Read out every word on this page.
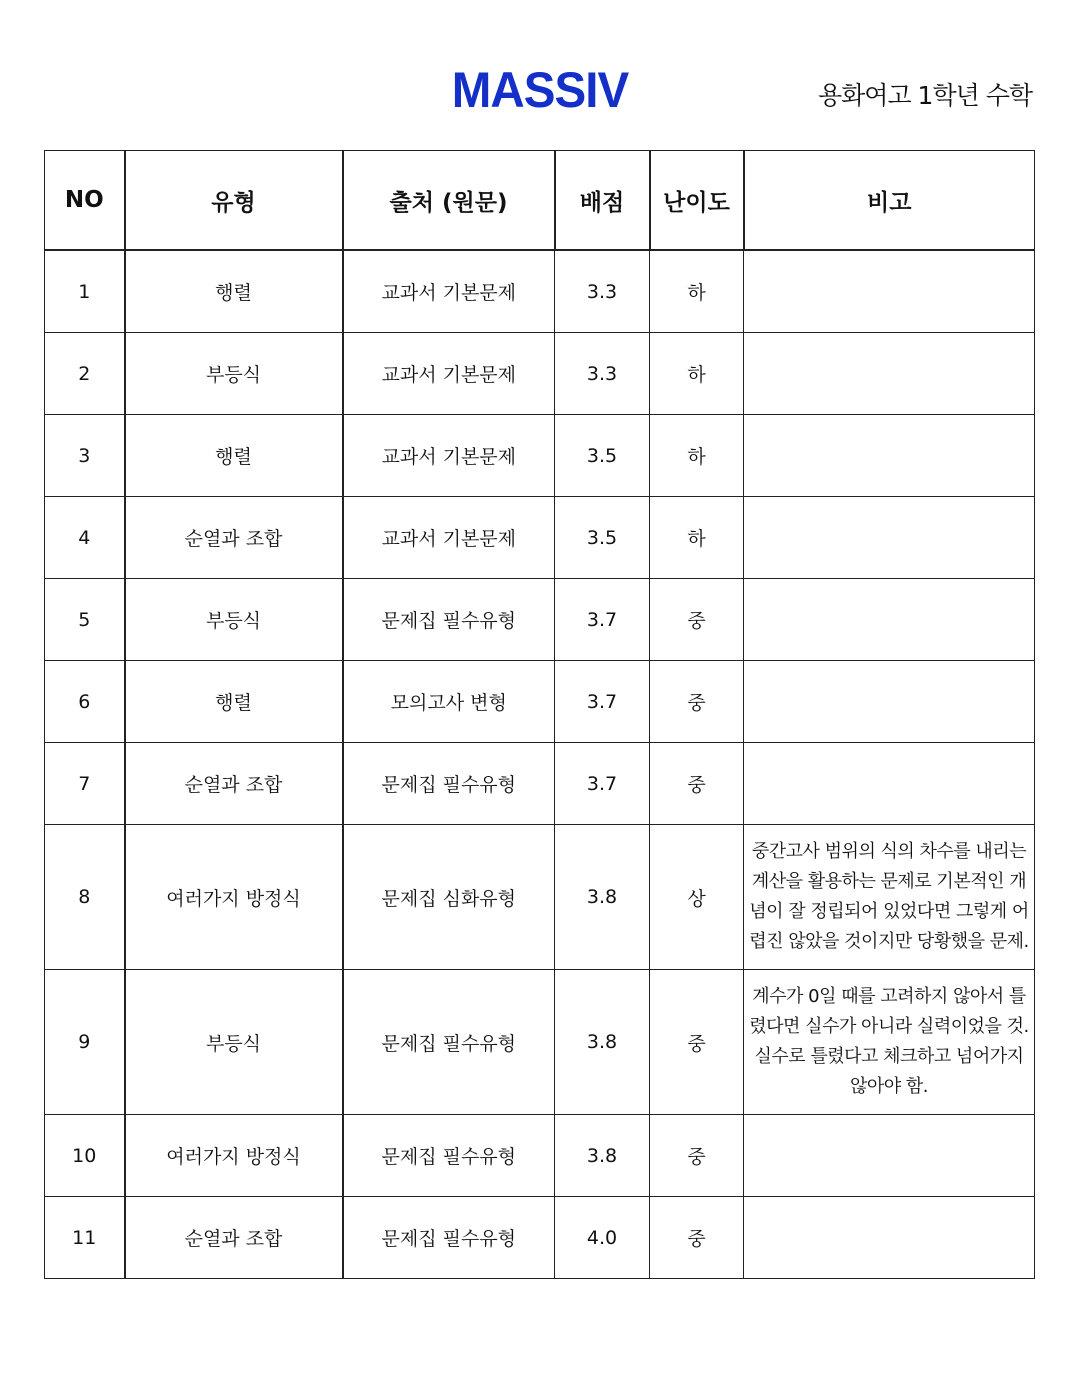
MASSIV	용화여고 1학년 수학
NO	유형	출처 (원문)	배점	난이도	비고
1	행렬	교과서 기본문제	3.3	하	
2	부등식	교과서 기본문제	3.3	하	
3	행렬	교과서 기본문제	3.5	하	
4	순열과 조합	교과서 기본문제	3.5	하	
5	부등식	문제집 필수유형	3.7	중	
6	행렬	모의고사 변형	3.7	중	
7	순열과 조합	문제집 필수유형	3.7	중	
8	여러가지 방정식	문제집 심화유형	3.8	상	중간고사 범위의 식의 차수를 내리는 계산을 활용하는 문제로 기본적인 개념이 잘 정립되어 있었다면 그렇게 어렵진 않았을 것이지만 당황했을 문제.
9	부등식	문제집 필수유형	3.8	중	계수가 0일 때를 고려하지 않아서 틀렸다면 실수가 아니라 실력이었을 것. 실수로 틀렸다고 체크하고 넘어가지 않아야 함.
10	여러가지 방정식	문제집 필수유형	3.8	중	
11	순열과 조합	문제집 필수유형	4.0	중	
